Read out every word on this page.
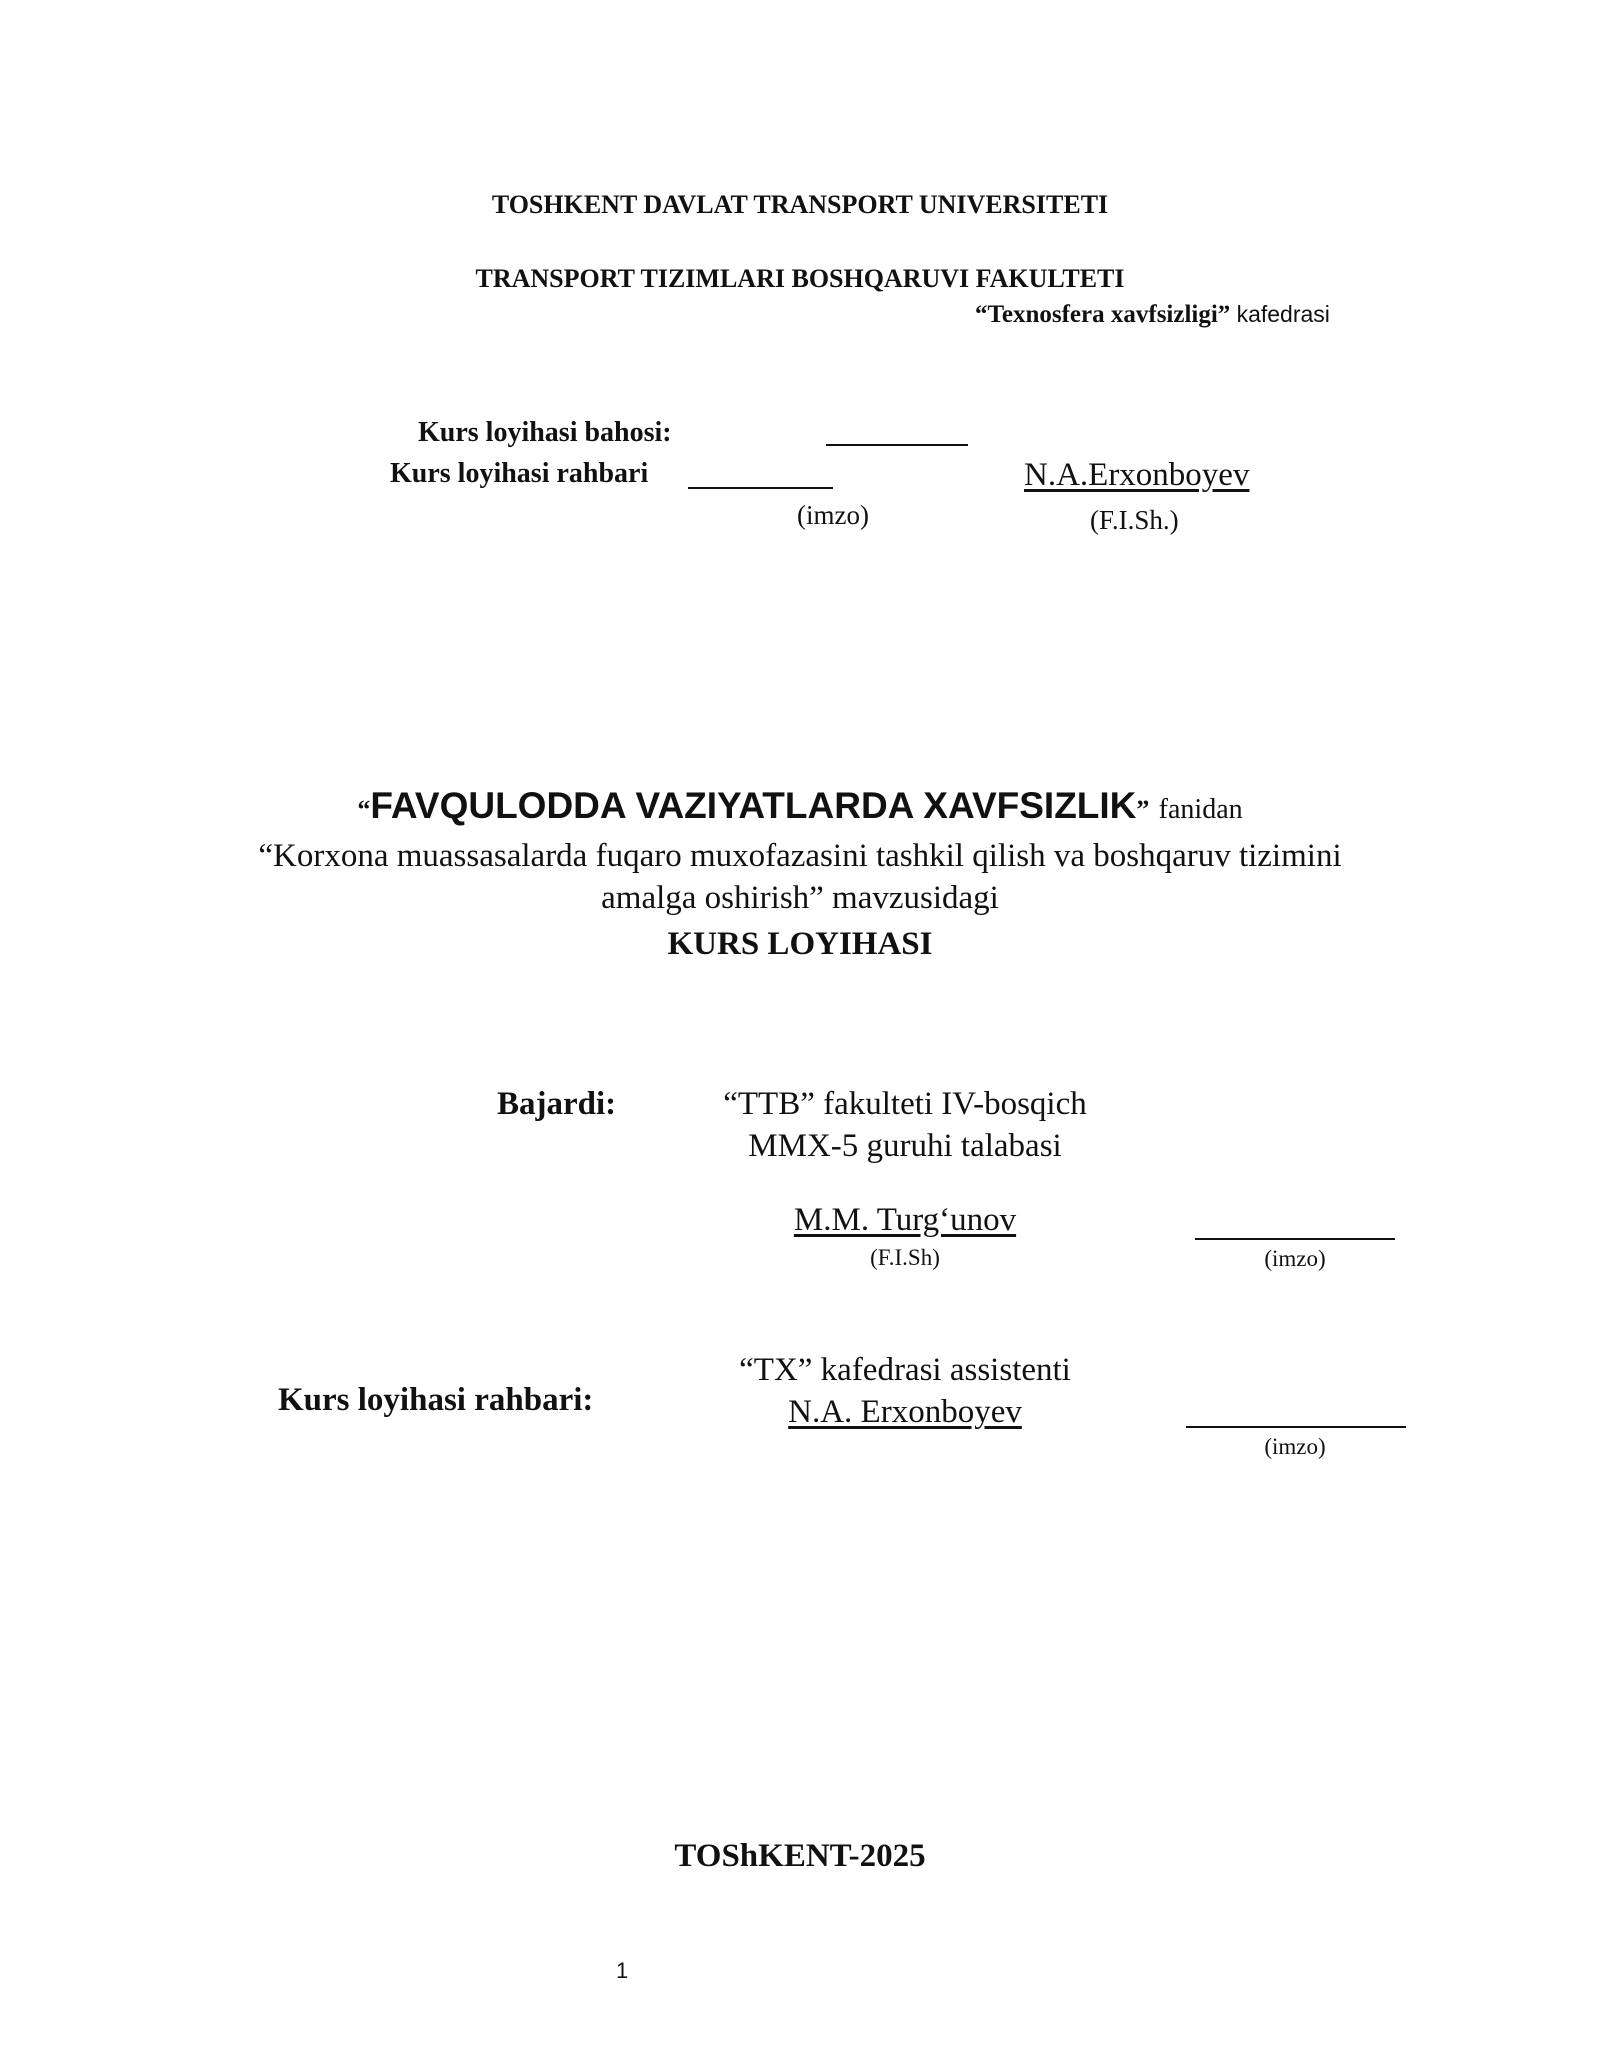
TOSHKENT DAVLAT TRANSPORT UNIVERSITETI
TRANSPORT TIZIMLARI BOSHQARUVI FAKULTETI
“Texnosfera xavfsizligi” kafedrasi
Kurs loyihasi bahosi:
Kurs loyihasi rahbari	N.A.Erxonboyev
(imzo)	(F.I.Sh.)
“FAVQULODDA VAZIYATLARDA XAVFSIZLIK” fanidan
“Korxona muassasalarda fuqaro muxofazasini tashkil qilish va boshqaruv tizimini
amalga oshirish” mavzusidagi
KURS LOYIHASI
Bajardi:	“TTB” fakulteti IV-bosqich
MMX-5 guruhi talabasi
M.M. Turg‘unov
(F.I.Sh)	(imzo)
“TX” kafedrasi assistenti
Kurs loyihasi rahbari:	N.A. Erxonboyev
(imzo)
TOShKENT-2025
1
